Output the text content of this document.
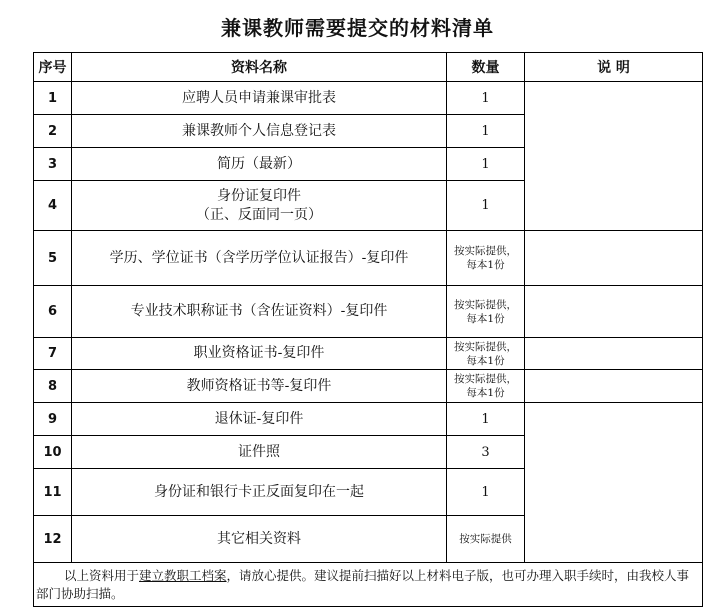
兼课教师需要提交的材料清单
序号	资料名称	数量	说 明
1	应聘人员申请兼课审批表	1	
2	兼课教师个人信息登记表	1	
3	简历（最新）	1	
4	身份证复印件
（正、反面同一页）	1	
5	学历、学位证书（含学历学位认证报告）-复印件	按实际提供，
每本1份	

6	专业技术职称证书（含佐证资料）-复印件	按实际提供，
每本1份	

7	职业资格证书-复印件	按实际提供，
每本1份	

8	教师资格证书等-复印件	按实际提供，
每本1份	

9	退休证-复印件	1	
10	证件照	3	
11	身份证和银行卡正反面复印在一起	1	
12	其它相关资料	按实际提供	
以上资料用于建立教职工档案，请放心提供。建议提前扫描好以上材料电子版，也可办理入职手续时，由我校人事部门协助扫描。			
